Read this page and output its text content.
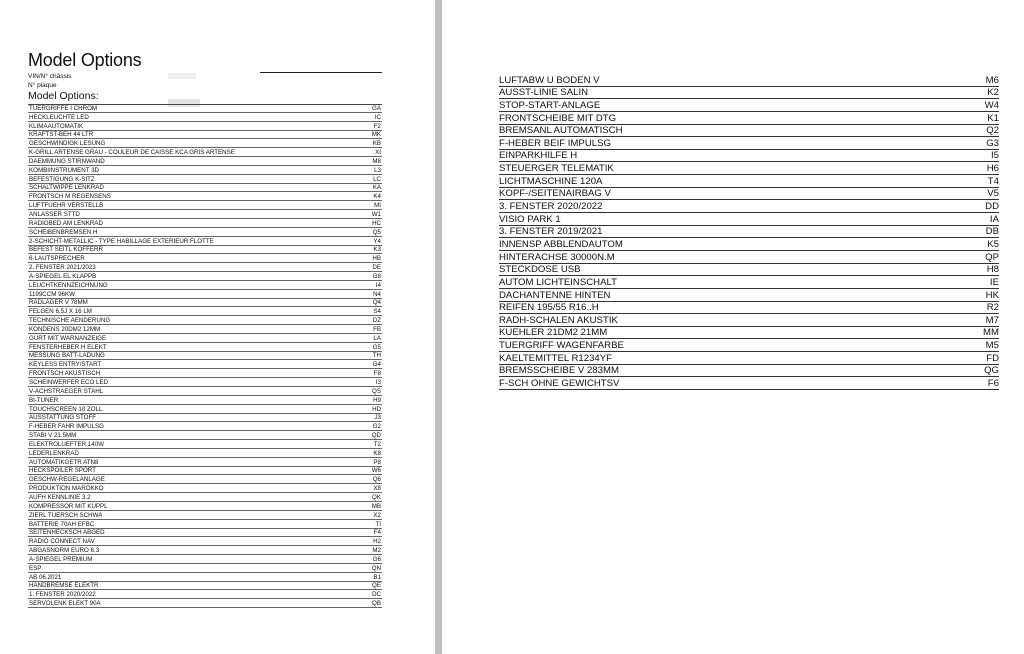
Model Options
VIN/N° châssis
N° plaque
Model Options:
TUERGRIFFE I CHROM	GA
HECKLEUCHTE LED	IC
KLIMAAUTOMATIK	F2
KRAFTST-BEH 44 LTR	MK
GESCHWINDIGK LESUNG	KB
K-GRILL ARTENSE GRAU - COULEUR DE CAISSE KCA GRIS ARTENSE	XI
DAEMMUNG STIRNWAND	M8
KOMBIINSTRUMENT 3D	L3
BEFESTIGUNG K-SITZ	LC
SCHALTWIPPE LENKRAD	KA
FRONTSCH M REGENSENS	K4
LUFTFUEHR VERSTELLB	MI
ANLASSER STTD	W1
RADIOBED AM LENKRAD	HC
SCHEIBENBREMSEN H	Q5
2-SCHICHT-METALLIC - TYPE HABILLAGE EXTERIEUR FLOTTE	Y4
BEFEST SEITL KOFFERR	K3
6-LAUTSPRECHER	HB
2. FENSTER 2021/2023	DE
A-SPIEGEL EL KLAPPB	G8
LEUCHTKENNZEICHNUNG	I4
1199CCM 96KW	N4
RADLAGER V 78MM	Q4
FELGEN 6,5J X 16 LM	S4
TECHNISCHE AENDERUNG	DZ
KONDENS 20DM2 12MM	FB
GURT MIT WARNANZEIGE	LA
FENSTERHEBER H ELEKT	G5
MESSUNG BATT-LADUNG	TH
KEYLESS ENTRY/START	G4
FRONTSCH AKUSTISCH	F8
SCHEINWERFER ECO LED	I3
V-ACHSTRAEGER STAHL	QS
BI-TUNER	H9
TOUCHSCREEN 10 ZOLL	HD
AUSSTATTUNG STOFF	J3
F-HEBER FAHR IMPULSG	G2
STABI V 21.5MM	QD
ELEKTROLUEFTER 140W	T2
LEDERLENKRAD	K8
AUTOMATIKGETR ATN8	P8
HECKSPOILER SPORT	W6
GESCHW-REGELANLAGE	Q6
PRODUKTION MAROKKO	X8
AUFH KENNLINIE 3.2	QK
KOMPRESSOR MIT KUPPL	MB
ZIERL TUERSCH SCHWA	X2
BATTERIE 70AH EFBC	TI
SEITENHECKSCH ABGED	F4
RADIO CONNECT NAV	H2
ABGASNORM EURO 6.3	M2
A-SPIEGEL PREMIUM	G6
ESP	QN
AB 06.2021	B1
HANDBREMSE ELEKTR	QE
1. FENSTER 2020/2022	DC
SERVOLENK ELEKT 90A	QB
LUFTABW U BODEN V	M6
AUSST-LINIE SALIN	K2
STOP-START-ANLAGE	W4
FRONTSCHEIBE MIT DTG	K1
BREMSANL AUTOMATISCH	Q2
F-HEBER BEIF IMPULSG	G3
EINPARKHILFE H	I5
STEUERGER TELEMATIK	H6
LICHTMASCHINE 120A	T4
KOPF-/SEITENAIRBAG V	V5
3. FENSTER 2020/2022	DD
VISIO PARK 1	IA
3. FENSTER 2019/2021	DB
INNENSP ABBLENDAUTOM	K5
HINTERACHSE 30000N.M	QP
STECKDOSE USB	H8
AUTOM LICHTEINSCHALT	IE
DACHANTENNE HINTEN	HK
REIFEN 195/55 R16..H	R2
RADH-SCHALEN AKUSTIK	M7
KUEHLER 21DM2 21MM	MM
TUERGRIFF WAGENFARBE	M5
KAELTEMITTEL R1234YF	FD
BREMSSCHEIBE V 283MM	QG
F-SCH OHNE GEWICHTSV	F6
